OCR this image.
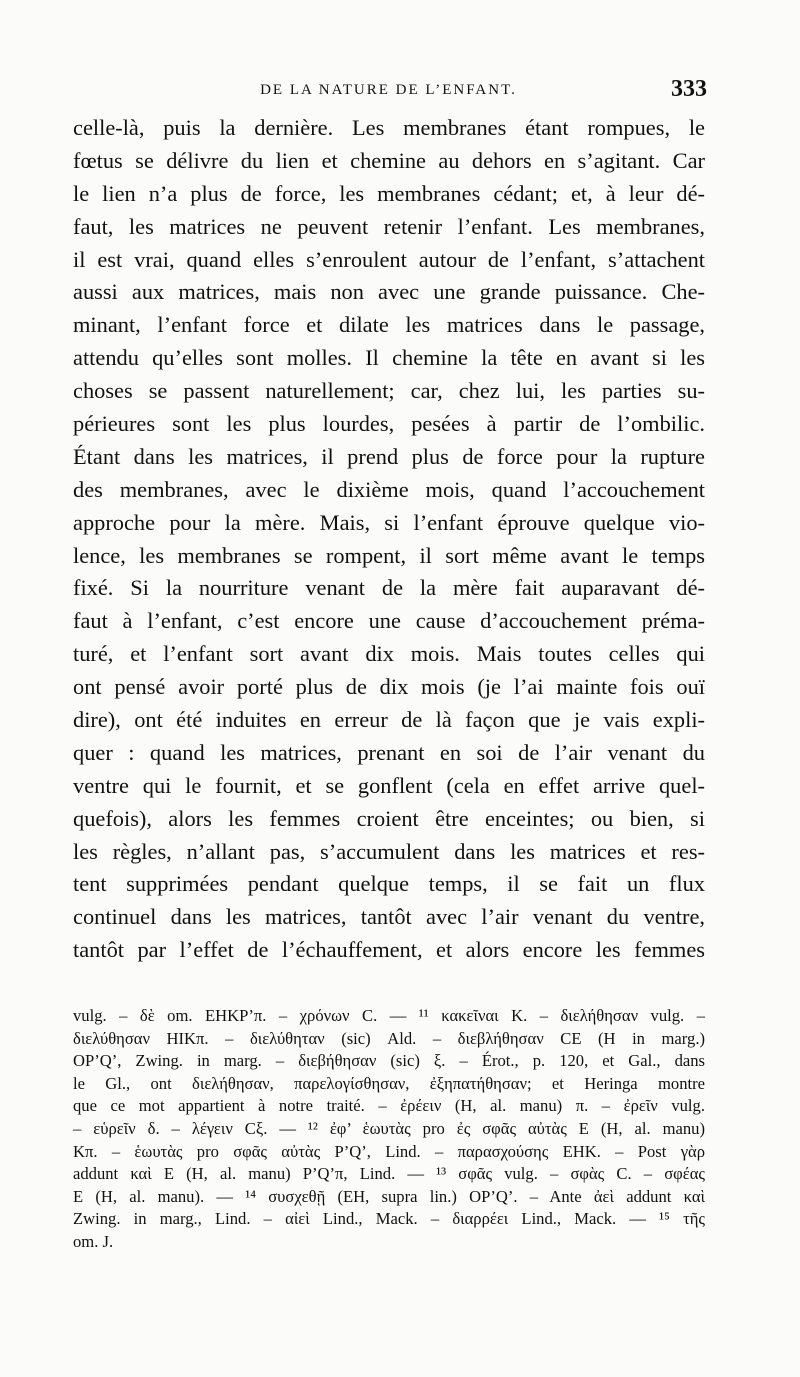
DE LA NATURE DE L’ENFANT.	333
celle-là, puis la dernière. Les membranes étant rompues, le
fœtus se délivre du lien et chemine au dehors en s’agitant. Car
le lien n’a plus de force, les membranes cédant; et, à leur dé-
faut, les matrices ne peuvent retenir l’enfant. Les membranes,
il est vrai, quand elles s’enroulent autour de l’enfant, s’attachent
aussi aux matrices, mais non avec une grande puissance. Che-
minant, l’enfant force et dilate les matrices dans le passage,
attendu qu’elles sont molles. Il chemine la tête en avant si les
choses se passent naturellement; car, chez lui, les parties su-
périeures sont les plus lourdes, pesées à partir de l’ombilic.
Étant dans les matrices, il prend plus de force pour la rupture
des membranes, avec le dixième mois, quand l’accouchement
approche pour la mère. Mais, si l’enfant éprouve quelque vio-
lence, les membranes se rompent, il sort même avant le temps
fixé. Si la nourriture venant de la mère fait auparavant dé-
faut à l’enfant, c’est encore une cause d’accouchement préma-
turé, et l’enfant sort avant dix mois. Mais toutes celles qui
ont pensé avoir porté plus de dix mois (je l’ai mainte fois ouï
dire), ont été induites en erreur de là façon que je vais expli-
quer : quand les matrices, prenant en soi de l’air venant du
ventre qui le fournit, et se gonflent (cela en effet arrive quel-
quefois), alors les femmes croient être enceintes; ou bien, si
les règles, n’allant pas, s’accumulent dans les matrices et res-
tent supprimées pendant quelque temps, il se fait un flux
continuel dans les matrices, tantôt avec l’air venant du ventre,
tantôt par l’effet de l’échauffement, et alors encore les femmes
vulg. – δὲ om. EHKP’π. – χρόνων C. — ¹¹ κακεῖναι K. – διελήθησαν vulg. –
διελύθησαν HIKπ. – διελύθηταν (sic) Ald. – διεβλήθησαν CE (H in marg.)
OP’Q’, Zwing. in marg. – διεβήθησαν (sic) ξ. – Érot., p. 120, et Gal., dans
le Gl., ont διελήθησαν, παρελογίσθησαν, ἐξηπατήθησαν; et Heringa montre
que ce mot appartient à notre traité. – ἐρέειν (H, al. manu) π. – ἐρεῖν vulg.
– εὑρεῖν δ. – λέγειν Cξ. — ¹² ἐφ’ ἑωυτὰς pro ἐς σφᾶς αὐτὰς E (H, al. manu)
Kπ. – ἑωυτὰς pro σφᾶς αὐτὰς P’Q’, Lind. – παρασχούσης EHK. – Post γὰρ
addunt καὶ E (H, al. manu) P’Q’π, Lind. — ¹³ σφᾶς vulg. – σφὰς C. – σφέας
E (H, al. manu). — ¹⁴ συσχεθῇ (EH, supra lin.) OP’Q’. – Ante ἀεὶ addunt καὶ
Zwing. in marg., Lind. – αἰεὶ Lind., Mack. – διαρρέει Lind., Mack. — ¹⁵ τῆς
om. J.
